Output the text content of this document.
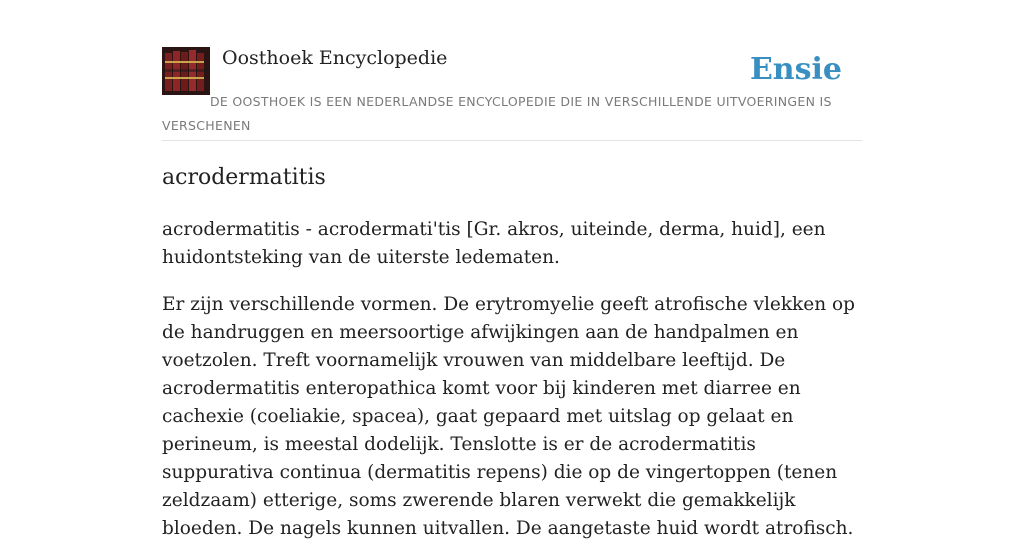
Oosthoek Encyclopedie	Ensie
DE OOSTHOEK IS EEN NEDERLANDSE ENCYCLOPEDIE DIE IN VERSCHILLENDE UITVOERINGEN IS VERSCHENEN
acrodermatitis

acrodermatitis - acrodermati'tis [Gr. akros, uiteinde, derma, huid], een huidontsteking van de uiterste ledematen.

Er zijn verschillende vormen. De erytromyelie geeft atrofische vlekken op de handruggen en meersoortige afwijkingen aan de handpalmen en voetzolen. Treft voornamelijk vrouwen van middelbare leeftijd. De acrodermatitis enteropathica komt voor bij kinderen met diarree en cachexie (coeliakie, spacea), gaat gepaard met uitslag op gelaat en perineum, is meestal dodelijk. Tenslotte is er de acrodermatitis suppurativa continua (dermatitis repens) die op de vingertoppen (tenen zeldzaam) etterige, soms zwerende blaren verwekt die gemakkelijk bloeden. De nagels kunnen uitvallen. De aangetaste huid wordt atrofisch.
